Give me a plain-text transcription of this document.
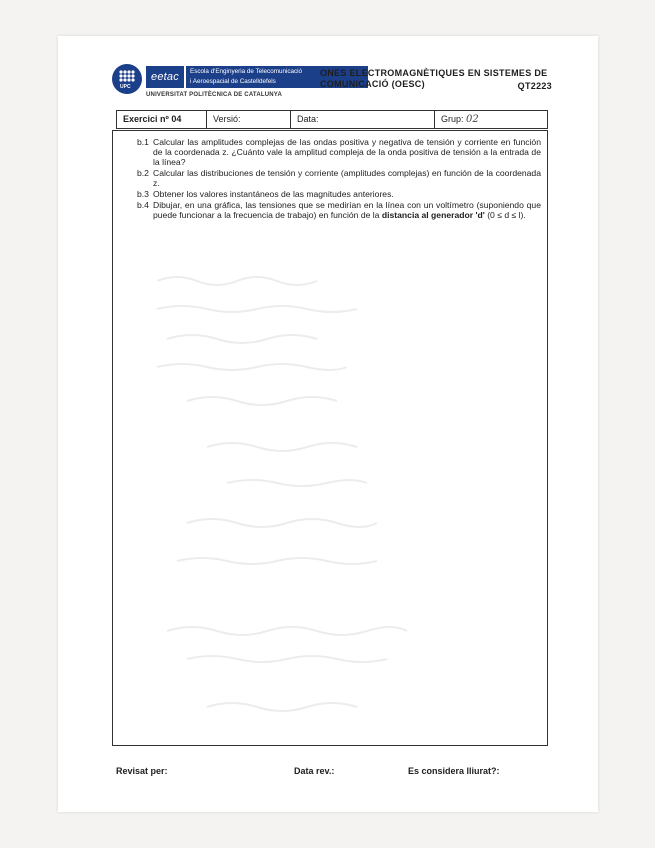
UPC
eetac	Escola d'Enginyeria de Telecomunicació
i Aeroespacial de Castelldefels
UNIVERSITAT POLITÈCNICA DE CATALUNYA
ONES ELECTROMAGNÈTIQUES EN SISTEMES DE
COMUNICACIÓ (OESC)	QT2223
Exercici nº 04	Versió:	Data:	Grup: 02
b.1 Calcular las amplitudes complejas de las ondas positiva y negativa de tensión y corriente en función de la coordenada z. ¿Cuánto vale la amplitud compleja de la onda positiva de tensión a la entrada de la línea?
b.2 Calcular las distribuciones de tensión y corriente (amplitudes complejas) en función de la coordenada z.
b.3 Obtener los valores instantáneos de las magnitudes anteriores.
b.4 Dibujar, en una gráfica, las tensiones que se medirían en la línea con un voltímetro (suponiendo que puede funcionar a la frecuencia de trabajo) en función de la distancia al generador 'd' (0 ≤ d ≤ l).
Revisat per:	Data rev.:	Es considera lliurat?:
